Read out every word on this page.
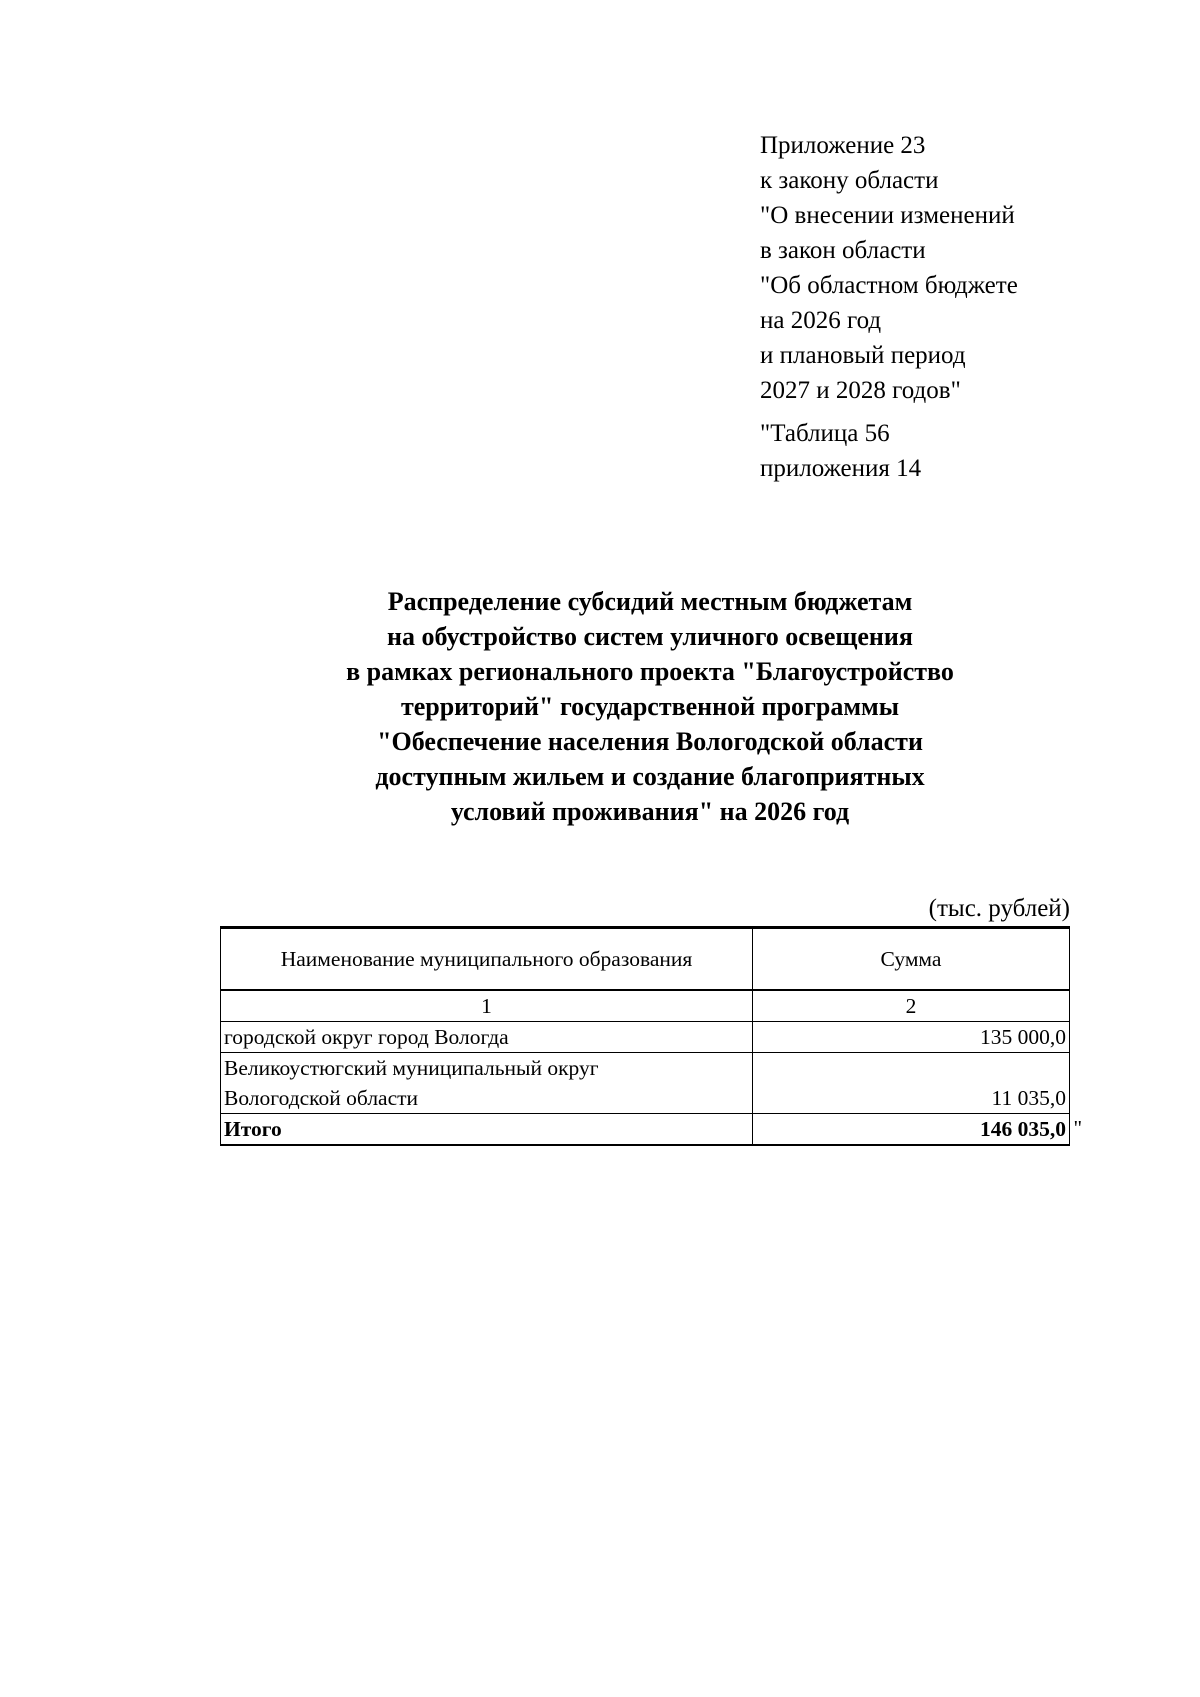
Приложение 23
к закону области
"О внесении изменений
в закон области
"Об областном бюджете
на 2026 год
и плановый период
2027 и 2028 годов"
"Таблица 56
приложения 14
Распределение субсидий местным бюджетам
на обустройство систем уличного освещения
в рамках регионального проекта "Благоустройство
территорий" государственной программы
"Обеспечение населения Вологодской области
доступным жильем и создание благоприятных
условий проживания" на 2026 год
(тыс. рублей)
Наименование муниципального образования	Сумма
1	2

городской округ город Вологда	135 000,0

Великоустюгский муниципальный округ
Вологодской области	11 035,0
Итого	146 035,0 "
